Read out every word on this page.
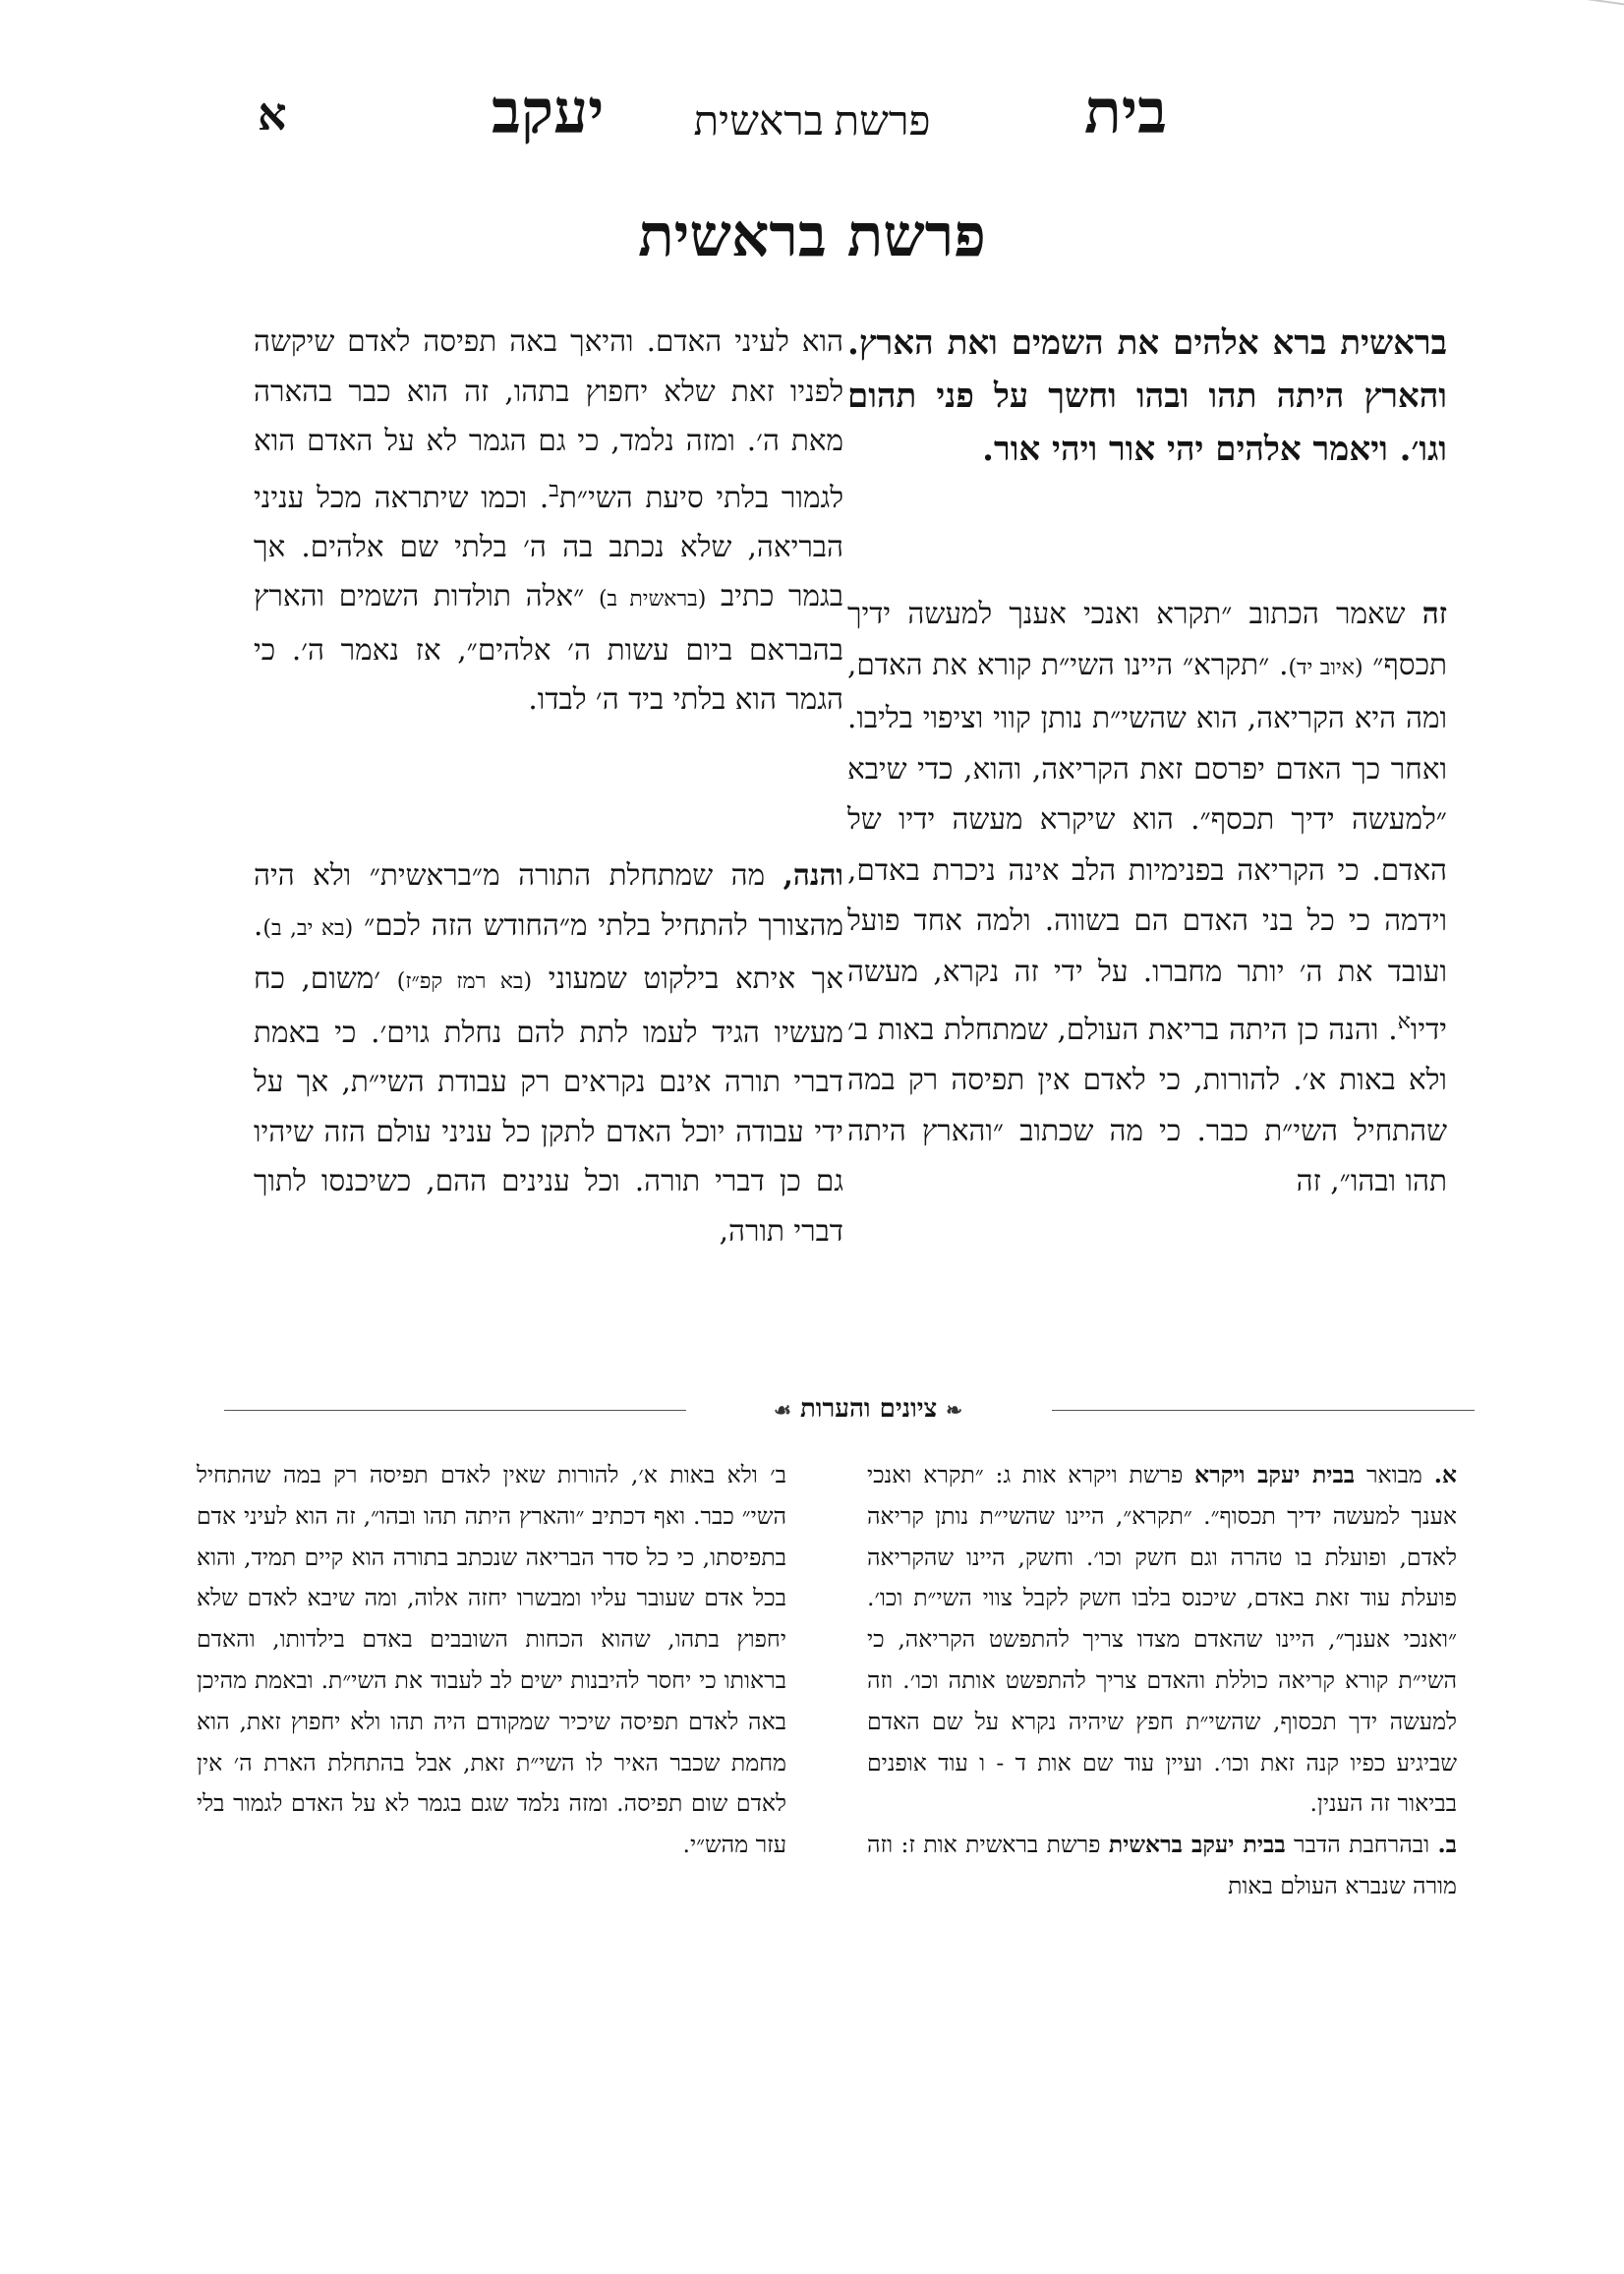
בית
פרשת בראשית
יעקב
א
פרשת בראשית

בראשית ברא אלהים את השמים ואת הארץ. והארץ היתה תהו ובהו וחשך על פני תהום וגו׳. ויאמר אלהים יהי אור ויהי אור.

זה שאמר הכתוב ״תקרא ואנכי אענך למעשה ידיך תכסף״ (איוב יד). ״תקרא״ היינו השי״ת קורא את האדם, ומה היא הקריאה, הוא שהשי״ת נותן קווי וציפוי בליבו. ואחר כך האדם יפרסם זאת הקריאה, והוא, כדי שיבא ״למעשה ידיך תכסף״. הוא שיקרא מעשה ידיו של האדם. כי הקריאה בפנימיות הלב אינה ניכרת באדם, וידמה כי כל בני האדם הם בשווה. ולמה אחד פועל ועובד את ה׳ יותר מחברו. על ידי זה נקרא, מעשה ידיו$^א$. והנה כן היתה בריאת העולם, שמתחלת באות ב׳ ולא באות א׳. להורות, כי לאדם אין תפיסה רק במה שהתחיל השי״ת כבר. כי מה שכתוב ״והארץ היתה תהו ובהו״, זה

הוא לעיני האדם. והיאך באה תפיסה לאדם שיקשה לפניו זאת שלא יחפוץ בתהו, זה הוא כבר בהארה מאת ה׳. ומזה נלמד, כי גם הגמר לא על האדם הוא לגמור בלתי סיעת השי״ת$^ב$. וכמו שיתראה מכל עניני הבריאה, שלא נכתב בה ה׳ בלתי שם אלהים. אך בגמר כתיב (בראשית ב) ״אלה תולדות השמים והארץ בהבראם ביום עשות ה׳ אלהים״, אז נאמר ה׳. כי הגמר הוא בלתי ביד ה׳ לבדו.

והנה, מה שמתחלת התורה מ״בראשית״ ולא היה מהצורך להתחיל בלתי מ״החודש הזה לכם״ (בא יב, ב). אך איתא בילקוט שמעוני (בא רמז קפ״ז) ׳משום, כח מעשיו הגיד לעמו לתת להם נחלת גוים׳. כי באמת דברי תורה אינם נקראים רק עבודת השי״ת, אך על ידי עבודה יוכל האדם לתקן כל עניני עולם הזה שיהיו גם כן דברי תורה. וכל ענינים ההם, כשיכנסו לתוך דברי תורה,

❧ ציונים והערות ☙

א. מבואר בבית יעקב ויקרא פרשת ויקרא אות ג: ״תקרא ואנכי אענך למעשה ידיך תכסוף״. ״תקרא״, היינו שהשי״ת נותן קריאה לאדם, ופועלת בו טהרה וגם חשק וכו׳. וחשק, היינו שהקריאה פועלת עוד זאת באדם, שיכנס בלבו חשק לקבל צווי השי״ת וכו׳. ״ואנכי אענך״, היינו שהאדם מצדו צריך להתפשט הקריאה, כי השי״ת קורא קריאה כוללת והאדם צריך להתפשט אותה וכו׳. וזה למעשה ידך תכסוף, שהשי״ת חפץ שיהיה נקרא על שם האדם שביגיע כפיו קנה זאת וכו׳. ועיין עוד שם אות ד - ו עוד אופנים בביאור זה הענין.

ב. ובהרחבת הדבר בבית יעקב בראשית פרשת בראשית אות ז: וזה מורה שנברא העולם באות

ב׳ ולא באות א׳, להורות שאין לאדם תפיסה רק במה שהתחיל השי״ כבר. ואף דכתיב ״והארץ היתה תהו ובהו״, זה הוא לעיני אדם בתפיסתו, כי כל סדר הבריאה שנכתב בתורה הוא קיים תמיד, והוא בכל אדם שעובר עליו ומבשרו יחזה אלוה, ומה שיבא לאדם שלא יחפוץ בתהו, שהוא הכחות השובבים באדם בילדותו, והאדם בראותו כי יחסר להיבנות ישים לב לעבוד את השי״ת. ובאמת מהיכן באה לאדם תפיסה שיכיר שמקודם היה תהו ולא יחפוץ זאת, הוא מחמת שכבר האיר לו השי״ת זאת, אבל בהתחלת הארת ה׳ אין לאדם שום תפיסה. ומזה נלמד שגם בגמר לא על האדם לגמור בלי עזר מהש״י.
